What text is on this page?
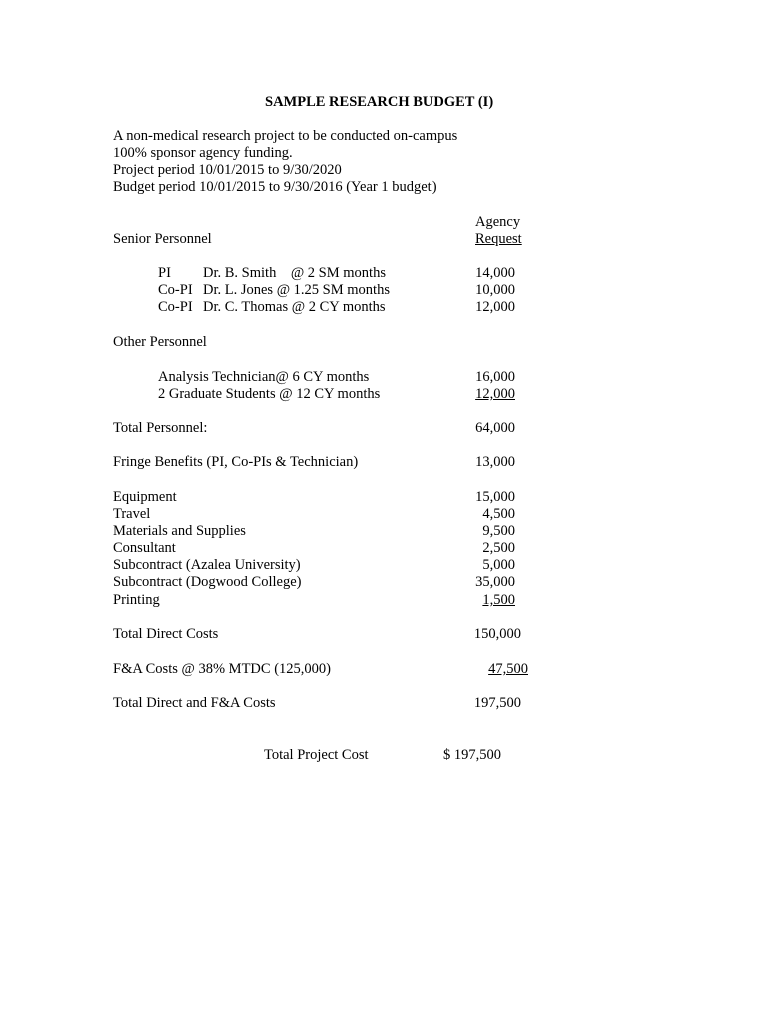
SAMPLE RESEARCH BUDGET (I)
A non-medical research project to be conducted on-campus
100% sponsor agency funding.
Project period 10/01/2015 to 9/30/2020
Budget period 10/01/2015 to 9/30/2016 (Year 1 budget)
Agency
Request
Senior Personnel
PI Dr. B. Smith    @ 2 SM months	14,000
Co-PI Dr. L. Jones @ 1.25 SM months	10,000
Co-PI Dr. C. Thomas @ 2 CY months	12,000
Other Personnel
Analysis Technician@ 6 CY months	16,000
2 Graduate Students @ 12 CY months	12,000
Total Personnel:	64,000
Fringe Benefits (PI, Co-PIs & Technician)	13,000
Equipment	15,000
Travel	4,500
Materials and Supplies	9,500
Consultant	2,500
Subcontract (Azalea University)	5,000
Subcontract (Dogwood College)	35,000
Printing	1,500
Total Direct Costs	150,000
F&A Costs @ 38% MTDC (125,000)	47,500
Total Direct and F&A Costs	197,500
Total Project Cost	$ 197,500
